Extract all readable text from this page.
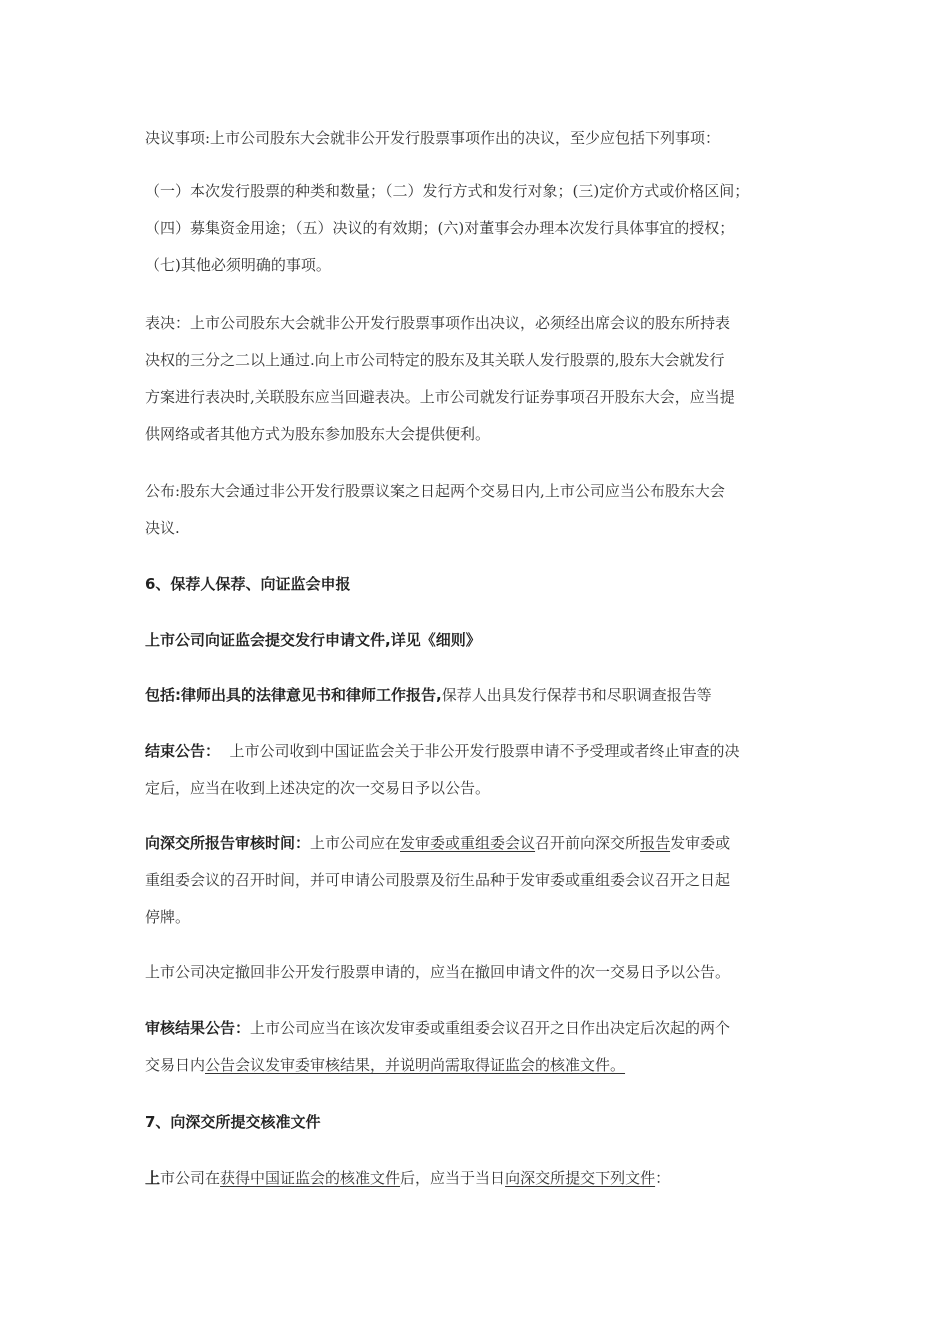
决议事项:上市公司股东大会就非公开发行股票事项作出的决议，至少应包括下列事项：

（一）本次发行股票的种类和数量；（二）发行方式和发行对象；(三)定价方式或价格区间；
（四）募集资金用途；（五）决议的有效期；(六)对董事会办理本次发行具体事宜的授权；
（七)其他必须明确的事项。

表决：上市公司股东大会就非公开发行股票事项作出决议，必须经出席会议的股东所持表
决权的三分之二以上通过.向上市公司特定的股东及其关联人发行股票的,股东大会就发行
方案进行表决时,关联股东应当回避表决。上市公司就发行证券事项召开股东大会，应当提
供网络或者其他方式为股东参加股东大会提供便利。

公布:股东大会通过非公开发行股票议案之日起两个交易日内,上市公司应当公布股东大会
决议.

6、保荐人保荐、向证监会申报

上市公司向证监会提交发行申请文件,详见《细则》

包括:律师出具的法律意见书和律师工作报告,保荐人出具发行保荐书和尽职调查报告等

结束公告：  上市公司收到中国证监会关于非公开发行股票申请不予受理或者终止审查的决
定后，应当在收到上述决定的次一交易日予以公告。

向深交所报告审核时间：上市公司应在发审委或重组委会议召开前向深交所报告发审委或
重组委会议的召开时间，并可申请公司股票及衍生品种于发审委或重组委会议召开之日起
停牌。

上市公司决定撤回非公开发行股票申请的，应当在撤回申请文件的次一交易日予以公告。

审核结果公告：上市公司应当在该次发审委或重组委会议召开之日作出决定后次起的两个
交易日内公告会议发审委审核结果，并说明尚需取得证监会的核准文件。

7、向深交所提交核准文件

上市公司在获得中国证监会的核准文件后，应当于当日向深交所提交下列文件：
